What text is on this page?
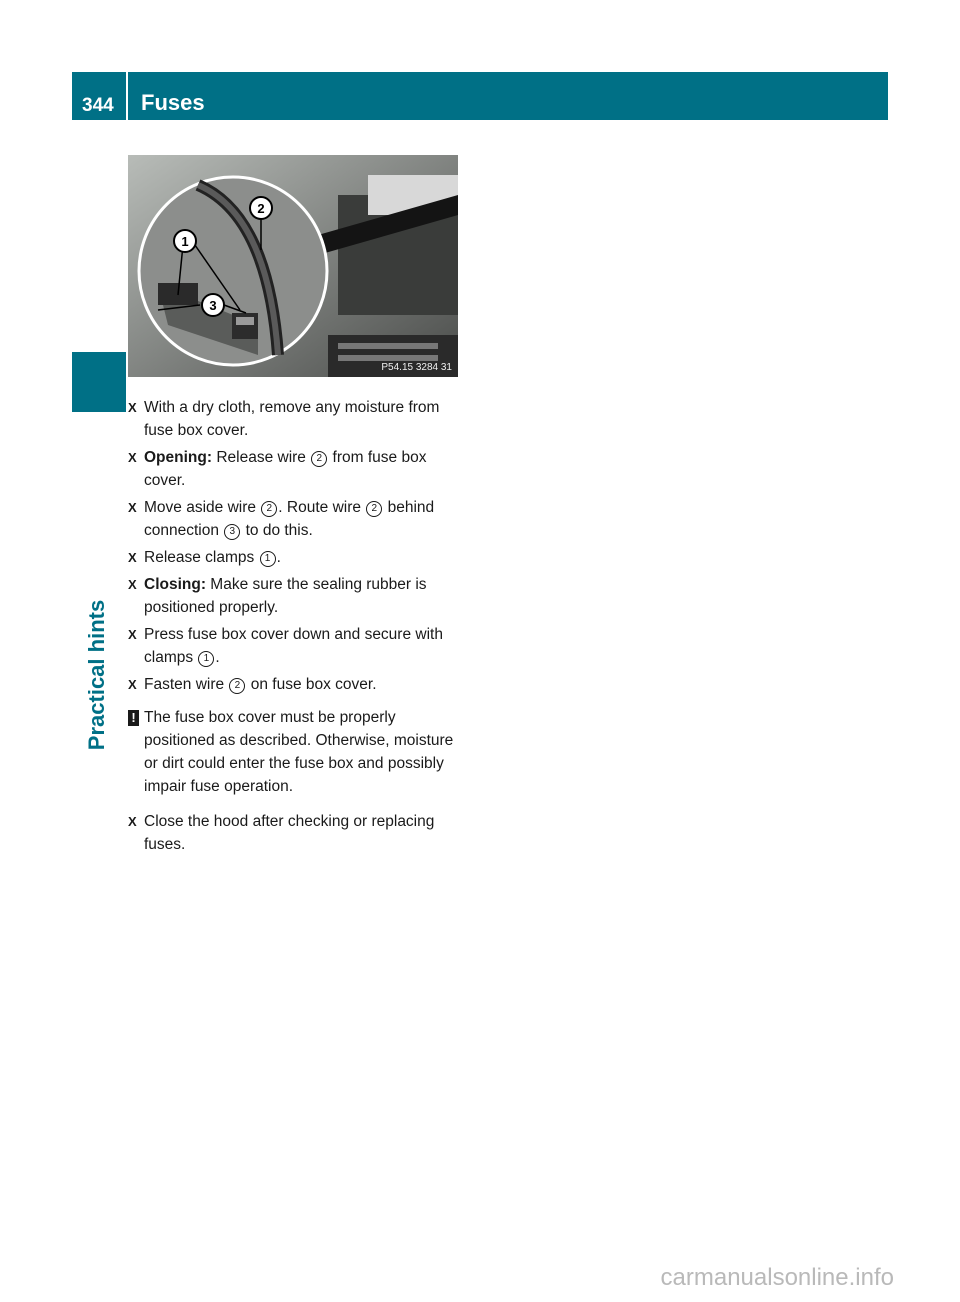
344 Fuses
Practical hints
1
2
3
P54.15 3284 31
X With a dry cloth, remove any moisture from fuse box cover.
X Opening: Release wire 2 from fuse box cover.
X Move aside wire 2 . Route wire 2 behind connection 3 to do this.
X Release clamps 1 .
X Closing: Make sure the sealing rubber is positioned properly.
X Press fuse box cover down and secure with clamps 1 .
X Fasten wire 2 on fuse box cover.
! The fuse box cover must be properly positioned as described. Otherwise, moisture or dirt could enter the fuse box and possibly impair fuse operation.
X Close the hood after checking or replacing fuses.
carmanualsonline.info
